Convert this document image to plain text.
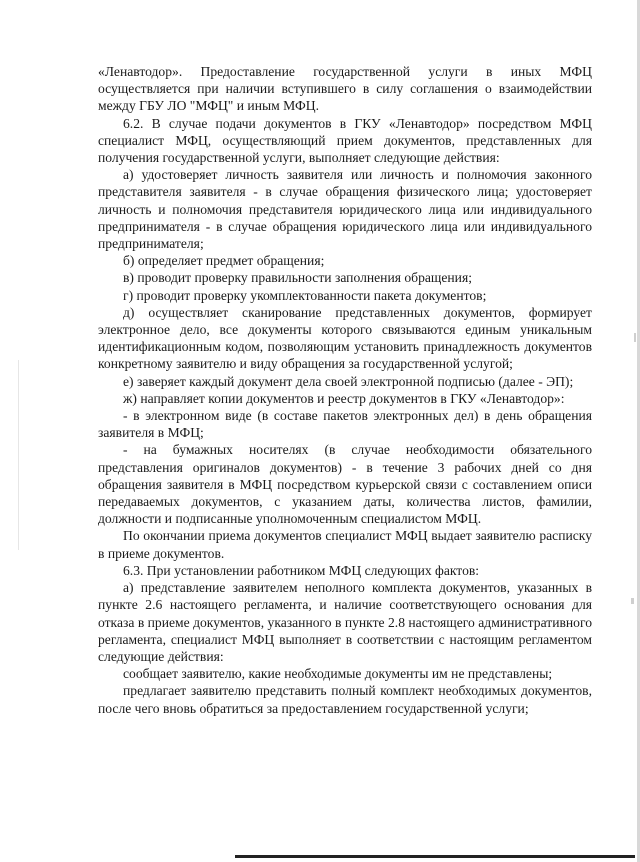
«Ленавтодор». Предоставление государственной услуги в иных МФЦ осуществляется при наличии вступившего в силу соглашения о взаимодействии между ГБУ ЛО "МФЦ" и иным МФЦ.

6.2. В случае подачи документов в ГКУ «Ленавтодор» посредством МФЦ специалист МФЦ, осуществляющий прием документов, представленных для получения государственной услуги, выполняет следующие действия:

а) удостоверяет личность заявителя или личность и полномочия законного представителя заявителя - в случае обращения физического лица; удостоверяет личность и полномочия представителя юридического лица или индивидуального предпринимателя - в случае обращения юридического лица или индивидуального предпринимателя;

б) определяет предмет обращения;

в) проводит проверку правильности заполнения обращения;

г) проводит проверку укомплектованности пакета документов;

д) осуществляет сканирование представленных документов, формирует электронное дело, все документы которого связываются единым уникальным идентификационным кодом, позволяющим установить принадлежность документов конкретному заявителю и виду обращения за государственной услугой;

е) заверяет каждый документ дела своей электронной подписью (далее - ЭП);

ж) направляет копии документов и реестр документов в ГКУ «Ленавтодор»:

- в электронном виде (в составе пакетов электронных дел) в день обращения заявителя в МФЦ;

- на бумажных носителях (в случае необходимости обязательного представления оригиналов документов) - в течение 3 рабочих дней со дня обращения заявителя в МФЦ посредством курьерской связи с составлением описи передаваемых документов, с указанием даты, количества листов, фамилии, должности и подписанные уполномоченным специалистом МФЦ.

По окончании приема документов специалист МФЦ выдает заявителю расписку в приеме документов.

6.3. При установлении работником МФЦ следующих фактов:

а) представление заявителем неполного комплекта документов, указанных в пункте 2.6 настоящего регламента, и наличие соответствующего основания для отказа в приеме документов, указанного в пункте 2.8 настоящего административного регламента, специалист МФЦ выполняет в соответствии с настоящим регламентом следующие действия:

сообщает заявителю, какие необходимые документы им не представлены;

предлагает заявителю представить полный комплект необходимых документов, после чего вновь обратиться за предоставлением государственной услуги;
